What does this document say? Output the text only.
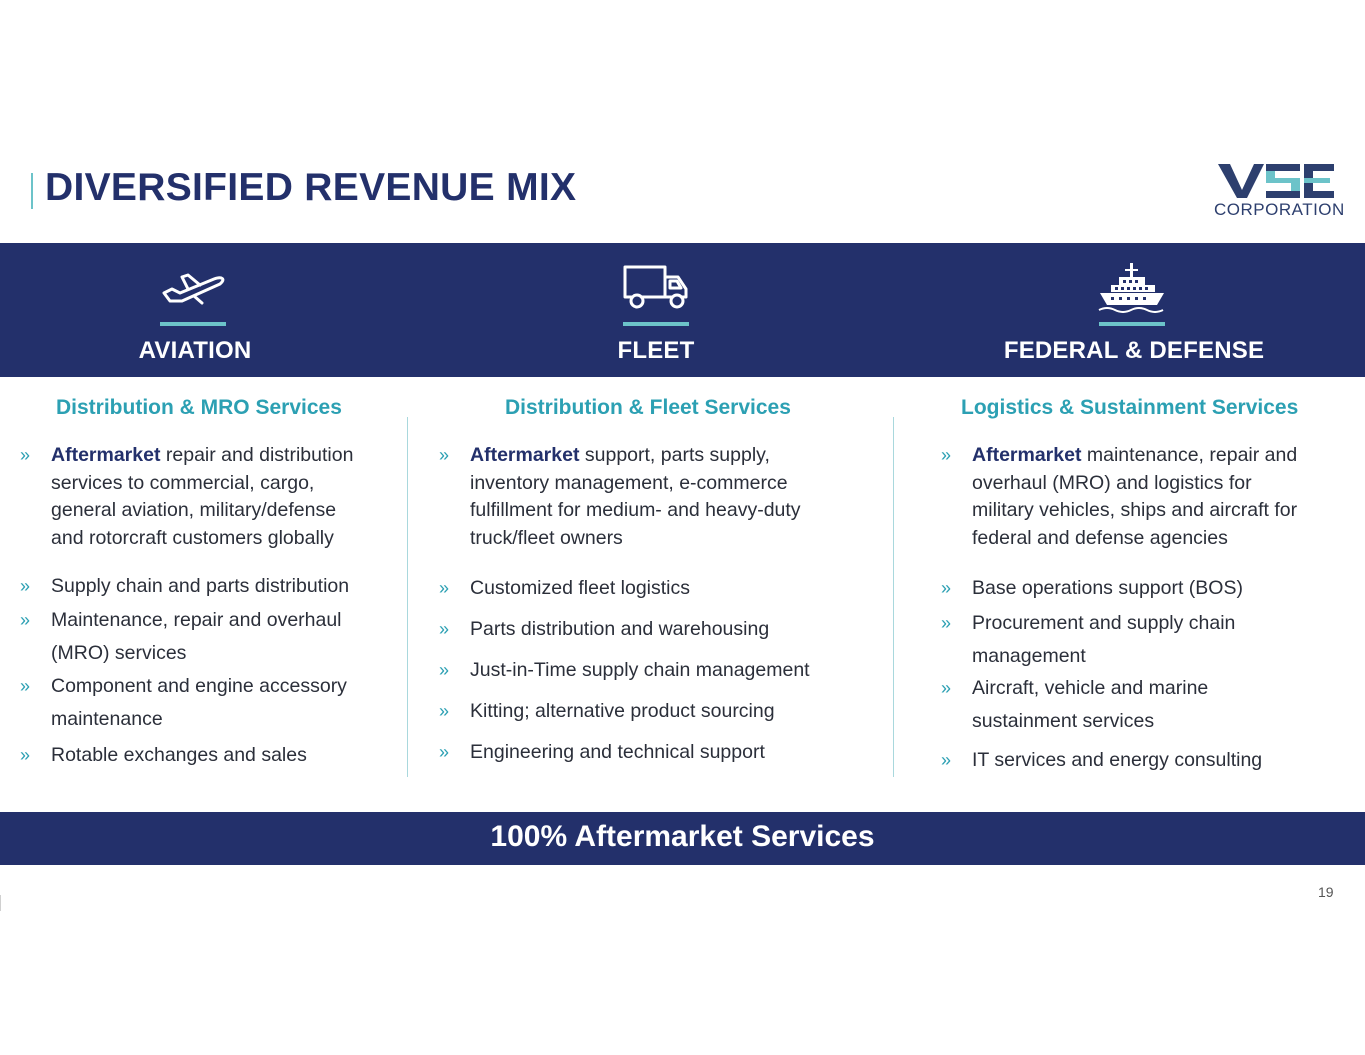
DIVERSIFIED REVENUE MIX
CORPORATION
AVIATION	FLEET	FEDERAL & DEFENSE
Distribution & MRO Services
» Aftermarket repair and distribution
services to commercial, cargo,
general aviation, military/defense
and rotorcraft customers globally
» Supply chain and parts distribution
» Maintenance, repair and overhaul
(MRO) services
» Component and engine accessory
maintenance
» Rotable exchanges and sales
Distribution & Fleet Services
» Aftermarket support, parts supply,
inventory management, e-commerce
fulfillment for medium- and heavy-duty
truck/fleet owners
» Customized fleet logistics
» Parts distribution and warehousing
» Just-in-Time supply chain management
» Kitting; alternative product sourcing
» Engineering and technical support
Logistics & Sustainment Services
» Aftermarket maintenance, repair and
overhaul (MRO) and logistics for
military vehicles, ships and aircraft for
federal and defense agencies
» Base operations support (BOS)
» Procurement and supply chain
management
» Aircraft, vehicle and marine
sustainment services
» IT services and energy consulting
100% Aftermarket Services
19
